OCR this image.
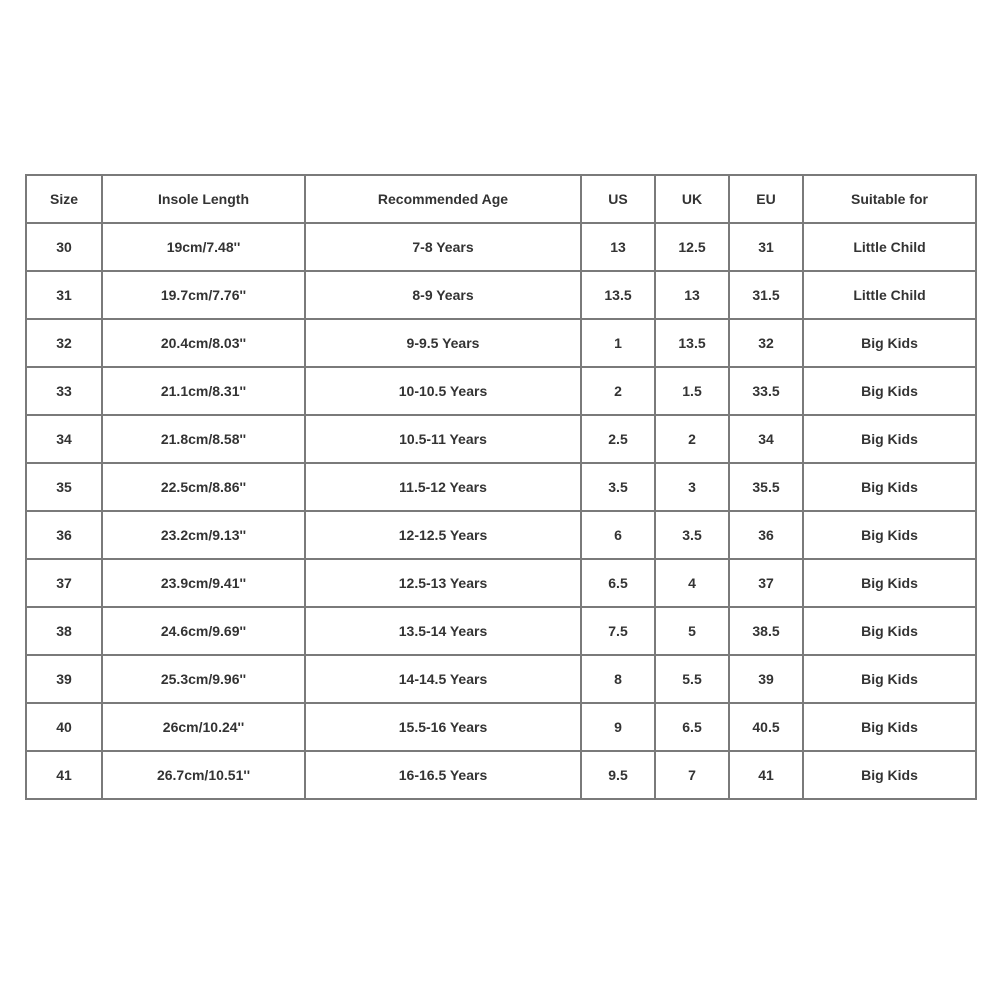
Size	Insole Length	Recommended Age	US	UK	EU	Suitable for
30	19cm/7.48''	7-8 Years	13	12.5	31	Little Child
31	19.7cm/7.76''	8-9 Years	13.5	13	31.5	Little Child
32	20.4cm/8.03''	9-9.5 Years	1	13.5	32	Big Kids
33	21.1cm/8.31''	10-10.5 Years	2	1.5	33.5	Big Kids
34	21.8cm/8.58''	10.5-11 Years	2.5	2	34	Big Kids
35	22.5cm/8.86''	11.5-12 Years	3.5	3	35.5	Big Kids
36	23.2cm/9.13''	12-12.5 Years	6	3.5	36	Big Kids
37	23.9cm/9.41''	12.5-13 Years	6.5	4	37	Big Kids
38	24.6cm/9.69''	13.5-14 Years	7.5	5	38.5	Big Kids
39	25.3cm/9.96''	14-14.5 Years	8	5.5	39	Big Kids
40	26cm/10.24''	15.5-16 Years	9	6.5	40.5	Big Kids
41	26.7cm/10.51''	16-16.5 Years	9.5	7	41	Big Kids
